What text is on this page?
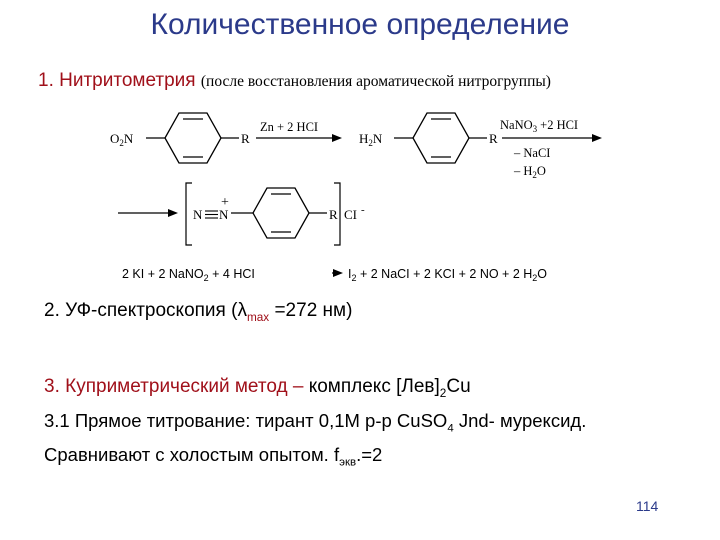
Количественное определение
1. Нитритометрия (после восстановления ароматической нитрогруппы)
$O_2N$	R
Zn + 2 HCI
$H_2N$	R
NaNO$_3$ +2 HCI
– NaCI
– $H_2O$
N N
+
R CI -
2 KI + 2 NaNO$_2$ + 4 HCI	$I_2 + 2$ NaCI + 2 KCI + 2 NO + 2 $H_2O$
2. УФ-спектроскопия ($\lambda_{max} =272$ нм)
3. Куприметрический метод – комплекс $[Лев]_2Cu$
3.1 Прямое титрование: тирант 0,1М р-р CuSO$_4$ Jnd- мурексид.
Сравнивают с холостым опытом. $f_{экв}.=2$
114
